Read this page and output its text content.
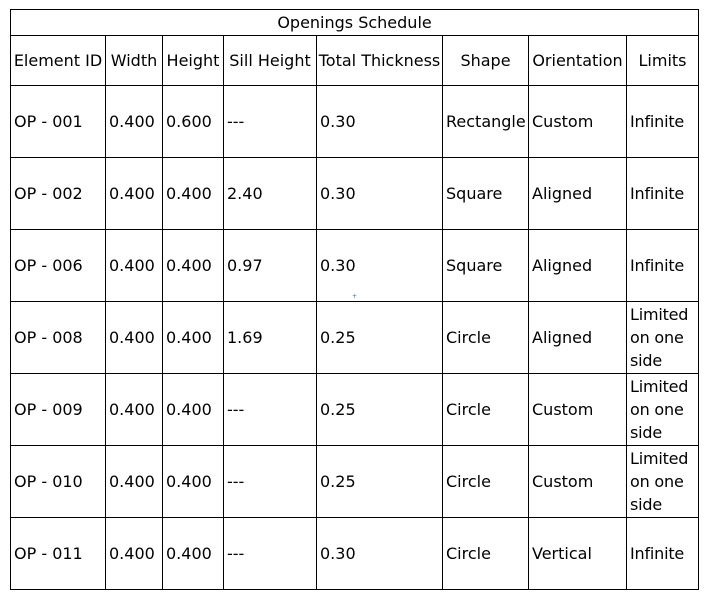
Openings Schedule							
Element ID	Width	Height	Sill Height	Total Thickness	Shape	Orientation	Limits
OP - 001	0.400	0.600	---	0.30	Rectangle	Custom	Infinite
OP - 002	0.400	0.400	2.40	0.30	Square	Aligned	Infinite
OP - 006	0.400	0.400	0.97	0.30	Square	Aligned	Infinite
OP - 008	0.400	0.400	1.69	0.25	Circle	Aligned	Limited on one side
OP - 009	0.400	0.400	---	0.25	Circle	Custom	Limited on one side
OP - 010	0.400	0.400	---	0.25	Circle	Custom	Limited on one side
OP - 011	0.400	0.400	---	0.30	Circle	Vertical	Infinite
+
